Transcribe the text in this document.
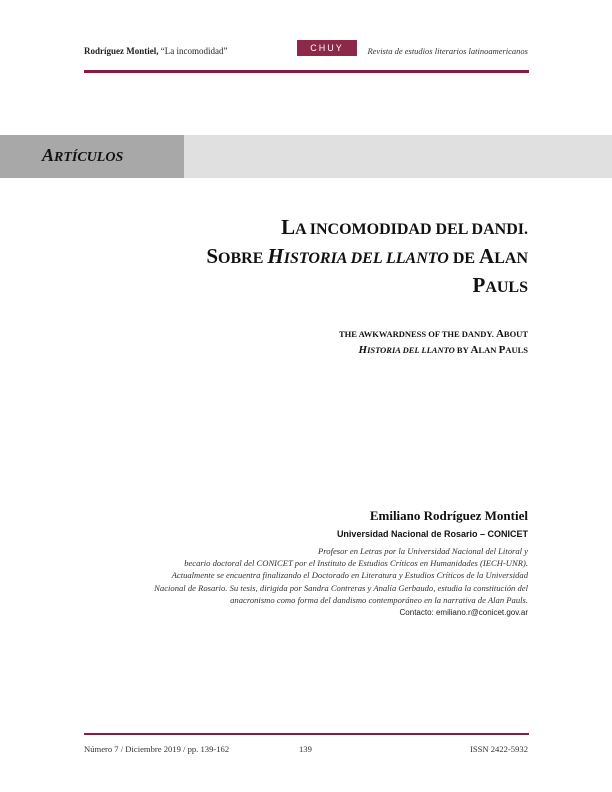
Rodríguez Montiel, “La incomodidad”	CHUY	Revista de estudios literarios latinoamericanos
ARTÍCULOS
LA INCOMODIDAD DEL DANDI.
SOBRE HISTORIA DEL LLANTO DE ALAN
PAULS
THE AWKWARDNESS OF THE DANDY. ABOUT
HISTORIA DEL LLANTO BY ALAN PAULS
Emiliano Rodríguez Montiel
Universidad Nacional de Rosario – CONICET
Profesor en Letras por la Universidad Nacional del Litoral y
becario doctoral del CONICET por el Instituto de Estudios Críticos en Humanidades (IECH-UNR).
Actualmente se encuentra finalizando el Doctorado en Literatura y Estudios Críticos de la Universidad
Nacional de Rosario. Su tesis, dirigida por Sandra Contreras y Analía Gerbaudo, estudia la constitución del
anacronismo como forma del dandismo contemporáneo en la narrativa de Alan Pauls.
Contacto: emiliano.r@conicet.gov.ar
Número 7 / Diciembre 2019 / pp. 139-162	139	ISSN 2422-5932
